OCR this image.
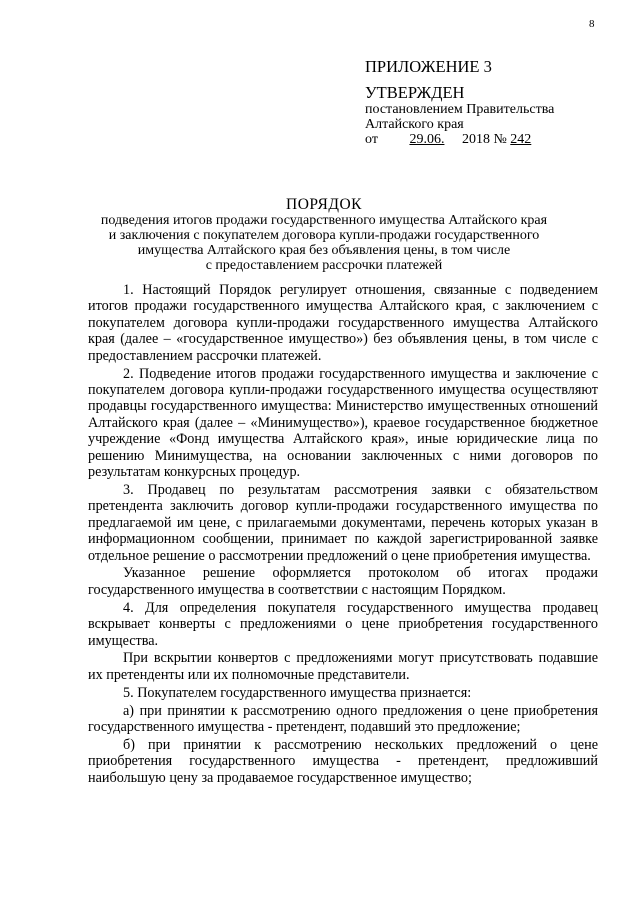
8
ПРИЛОЖЕНИЕ 3
УТВЕРЖДЕН
постановлением Правительства
Алтайского края
от 29.06. 2018 № 242
ПОРЯДОК
подведения итогов продажи государственного имущества Алтайского края
и заключения с покупателем договора купли-продажи государственного
имущества Алтайского края без объявления цены, в том числе
с предоставлением рассрочки платежей

1. Настоящий Порядок регулирует отношения, связанные с подведением итогов продажи государственного имущества Алтайского края, с заключением с покупателем договора купли-продажи государственного имущества Алтайского края (далее – «государственное имущество») без объявления цены, в том числе с предоставлением рассрочки платежей.

2. Подведение итогов продажи государственного имущества и заключение с покупателем договора купли-продажи государственного имущества осуществляют продавцы государственного имущества: Министерство имущественных отношений Алтайского края (далее – «Минимущество»), краевое государственное бюджетное учреждение «Фонд имущества Алтайского края», иные юридические лица по решению Минимущества, на основании заключенных с ними договоров по результатам конкурсных процедур.

3. Продавец по результатам рассмотрения заявки с обязательством претендента заключить договор купли-продажи государственного имущества по предлагаемой им цене, с прилагаемыми документами, перечень которых указан в информационном сообщении, принимает по каждой зарегистрированной заявке отдельное решение о рассмотрении предложений о цене приобретения имущества.

Указанное решение оформляется протоколом об итогах продажи государственного имущества в соответствии с настоящим Порядком.

4. Для определения покупателя государственного имущества продавец вскрывает конверты с предложениями о цене приобретения государственного имущества.

При вскрытии конвертов с предложениями могут присутствовать подавшие их претенденты или их полномочные представители.

5. Покупателем государственного имущества признается:

а) при принятии к рассмотрению одного предложения о цене приобретения государственного имущества - претендент, подавший это предложение;

б) при принятии к рассмотрению нескольких предложений о цене приобретения государственного имущества - претендент, предложивший наибольшую цену за продаваемое государственное имущество;
